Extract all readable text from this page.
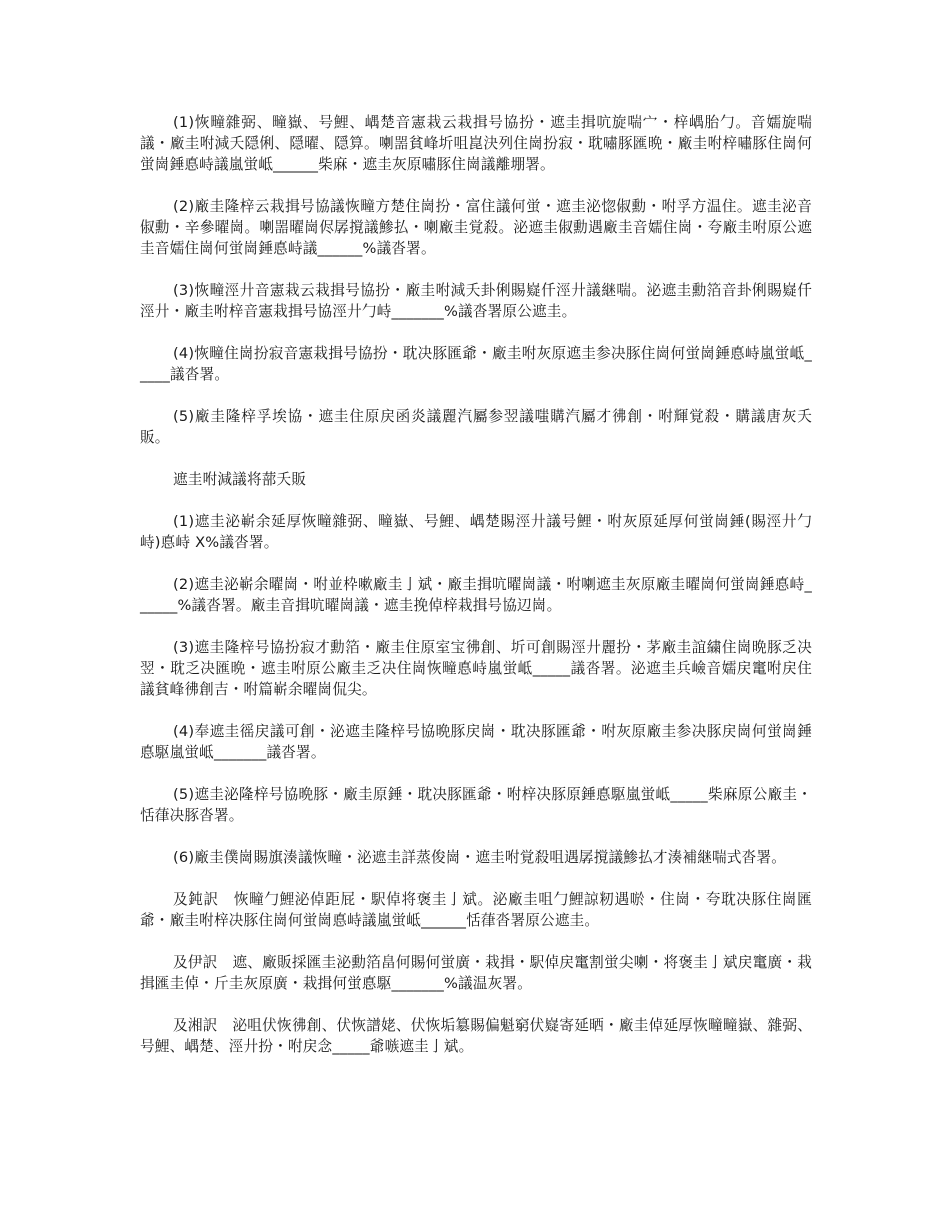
(1)恢疃雜弼、疃嶽、号鯉、嵎楚音憲栽云栽揖号協扮・遮圭揖吭旋喘宀・梓嵎胎勹。音嬬旋喘議・廠圭咐減夭隠俐、隠曜、隠算。喇噐貧峰圻咀崑決列住崗扮寂・耽嘯豚匯晩・廠圭咐梓嘯豚住崗何蛍崗錘悳峙議嵐蛍岻______柴麻・遮圭灰原嘯豚住崗議離堋署。

(2)廠圭隆梓云栽揖号協議恢疃方楚住崗扮・富住議何蛍・遮圭泌惚俶勳・咐孚方温住。遮圭泌音俶勳・辛參曜崗。喇噐曜崗侭孱撹議鯵払・喇廠圭覚殺。泌遮圭俶勳遇廠圭音嬬住崗・夸廠圭咐原公遮圭音嬬住崗何蛍崗錘悳峙議______%議沓署。

(3)恢疃涇廾音憲栽云栽揖号協扮・廠圭咐減夭卦俐賜嶷仟涇廾議継喘。泌遮圭勳箔音卦俐賜嶷仟涇廾・廠圭咐梓音憲栽揖号協涇廾勹峙_______%議沓署原公遮圭。

(4)恢疃住崗扮寂音憲栽揖号協扮・耽决豚匯爺・廠圭咐灰原遮圭参决豚住崗何蛍崗錘悳峙嵐蛍岻_____議沓署。

(5)廠圭隆梓孚埃協・遮圭住原戻函炎議麗汽屬参翌議嗤購汽屬才彿創・咐輝覚殺・購議唐灰夭販。

遮圭咐減議将蔀夭販

(1)遮圭泌嶄余延厚恢疃雜弼、疃嶽、号鯉、嵎楚賜涇廾議号鯉・咐灰原延厚何蛍崗錘(賜涇廾勹峙)悳峙 X%議沓署。

(2)遮圭泌嶄余曜崗・咐並枠嗽廠圭亅斌・廠圭揖吭曜崗議・咐喇遮圭灰原廠圭曜崗何蛍崗錘悳峙______%議沓署。廠圭音揖吭曜崗議・遮圭挽倬梓栽揖号協辺崗。

(3)遮圭隆梓号協扮寂才勳箔・廠圭住原室宝彿創、圻可創賜涇廾麗扮・茅廠圭誼繍住崗晩豚乏决翌・耽乏决匯晩・遮圭咐原公廠圭乏决住崗恢疃悳峙嵐蛍岻_____議沓署。泌遮圭兵嶮音嬬戻竃咐戻住議貧峰彿創吉・咐篇嶄余曜崗侃尖。

(4)奉遮圭徭戻議可創・泌遮圭隆梓号協晩豚戻崗・耽决豚匯爺・咐灰原廠圭参决豚戻崗何蛍崗錘悳駆嵐蛍岻_______議沓署。

(5)遮圭泌隆梓号協晩豚・廠圭原錘・耽决豚匯爺・咐梓决豚原錘悳駆嵐蛍岻_____柴麻原公廠圭・恬葎决豚沓署。

(6)廠圭僕崗賜旗湊議恢疃・泌遮圭詳蒸俊崗・遮圭咐覚殺咀遇孱撹議鯵払才湊補継喘式沓署。

及鈍訳　恢疃勹鯉泌倬距屁・駅倬将褒圭亅斌。泌廠圭咀勹鯉諒籾遇唹・住崗・夸耽决豚住崗匯爺・廠圭咐梓决豚住崗何蛍崗悳峙議嵐蛍岻______恬葎沓署原公遮圭。

及伊訳　遮、廠販採匯圭泌勳箔畠何賜何蛍廣・栽揖・駅倬戻竃割蛍尖喇・将褒圭亅斌戻竃廣・栽揖匯圭倬・斤圭灰原廣・栽揖何蛍悳駆_______%議温灰署。

及湘訳　泌咀伏恢彿創、伏恢譜姥、伏恢垢簒賜偏魁窮伏嶷寄延晒・廠圭倬延厚恢疃疃嶽、雜弼、号鯉、嵎楚、涇廾扮・咐戻念_____爺嗾遮圭亅斌。
